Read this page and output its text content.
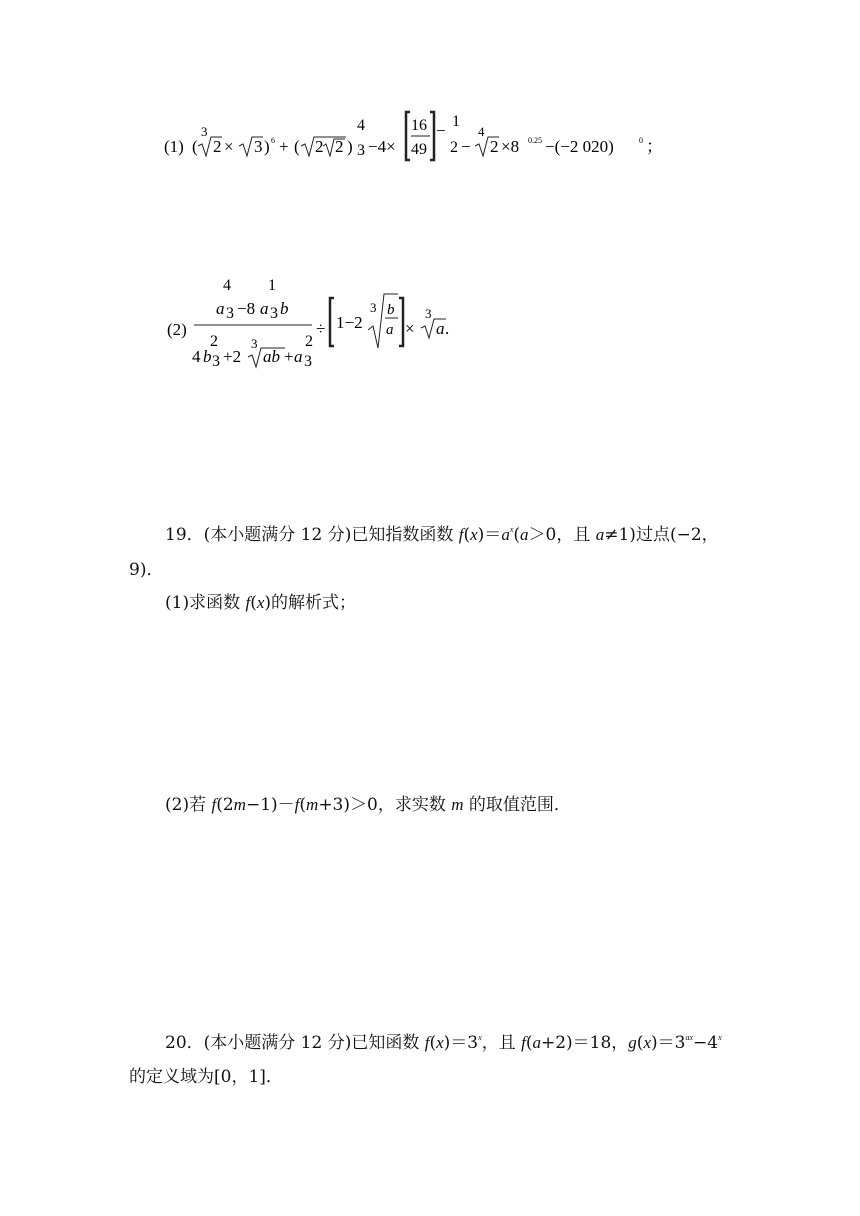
(1) (
3
2 × 3 ) 6 + ( 2 2 )
4
3 −4×
16
49
− 1
2 −
4
2 ×8 0.25 −(−2 020)	0 ；
(2)
4
a 3 −8
1
a 3 b
2
4 b 3 +2
3
ab +
2
a 3
÷ 1−2
3 b
a ×
3
a .
19．(本小题满分 12 分)已知指数函数 $f(x)=a^x(a>0$，且 a≠1)过点(−2，
9)．
(1)求函数 f(x)的解析式；
(2)若 f(2m−1)－f(m+3)＞0，求实数 m 的取值范围．
20．(本小题满分 12 分)已知函数 $f(x)=3^x$，且 f(a+2)＝18，$g(x)=3^{ax}-4^x$
的定义域为[0，1]．
